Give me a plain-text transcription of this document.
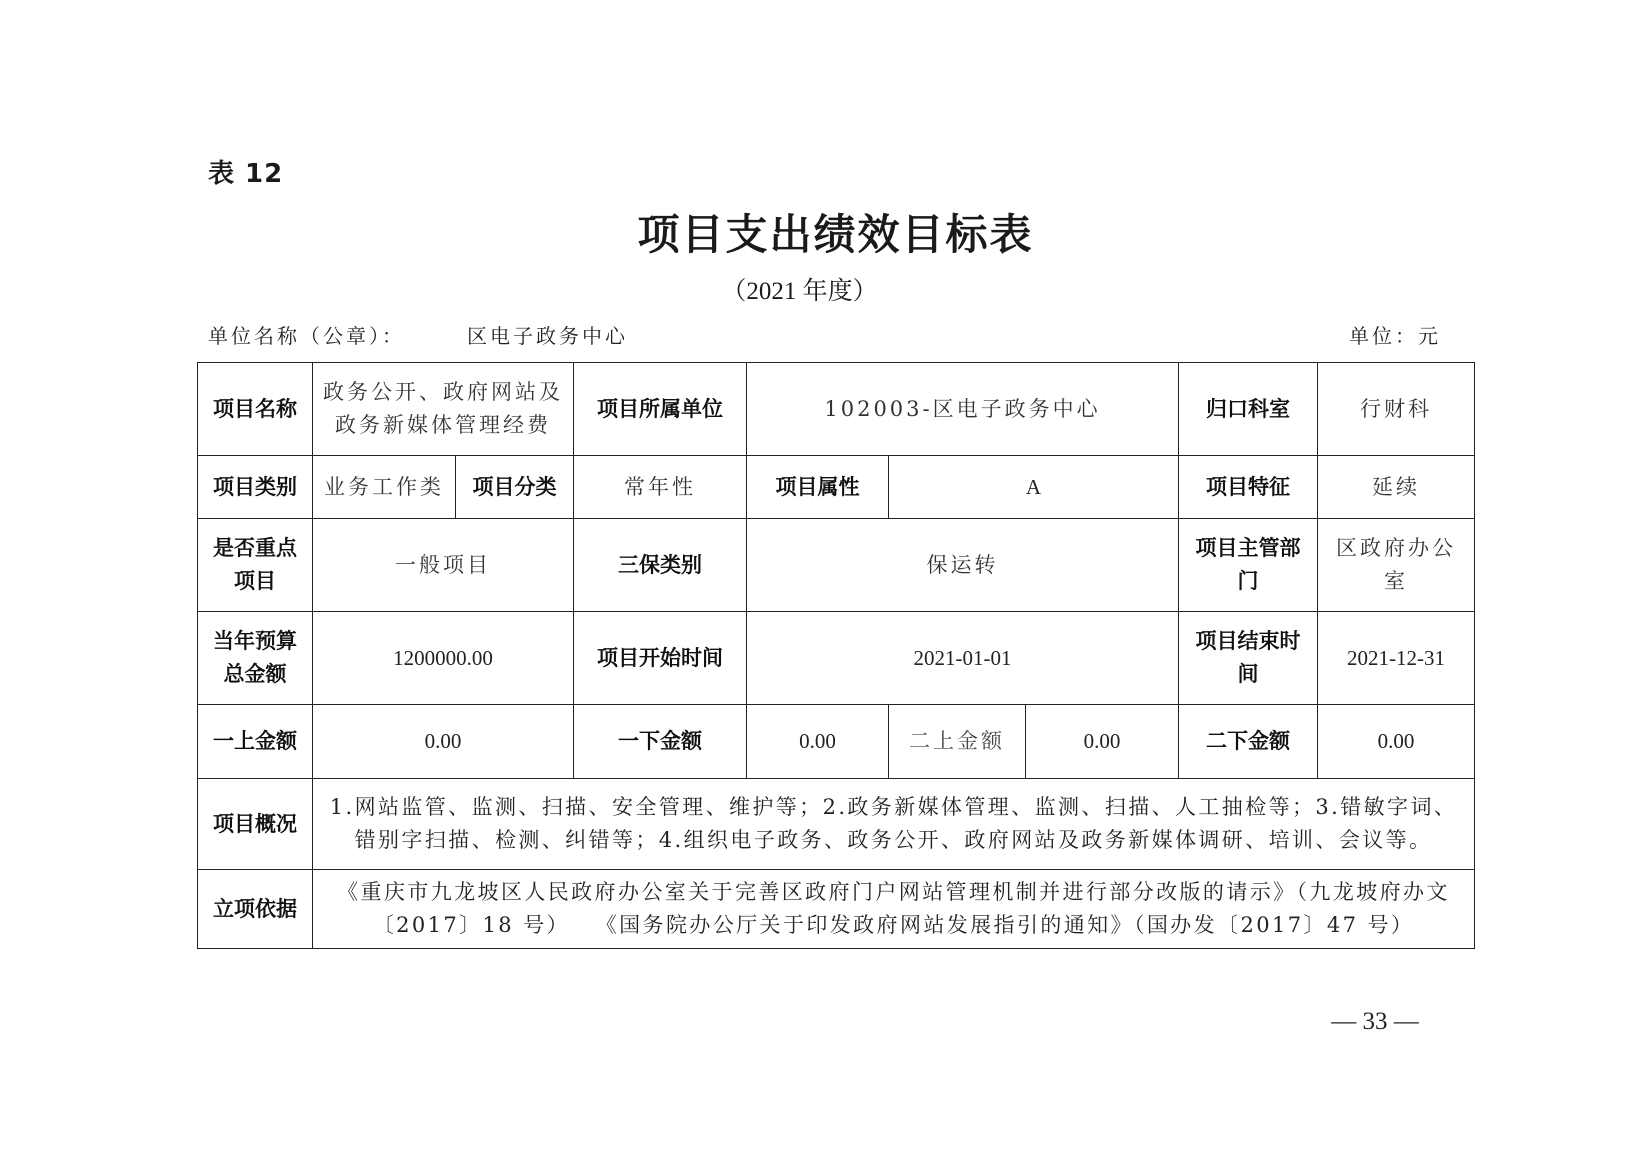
表 12
项目支出绩效目标表
（2021 年度）
单位名称（公章）：	区电子政务中心	单位：元
项目名称	政务公开、政府网站及政务新媒体管理经费		项目所属单位	102003-区电子政务中心			归口科室	行财科
项目类别	业务工作类	项目分类	常年性	项目属性	A		项目特征	延续
是否重点项目	一般项目		三保类别	保运转			项目主管部门	区政府办公室
当年预算总金额	1200000.00		项目开始时间	2021-01-01			项目结束时间	2021-12-31
一上金额	0.00		一下金额	0.00	二上金额	0.00	二下金额	0.00
项目概况	1.网站监管、监测、扫描、安全管理、维护等；2.政务新媒体管理、监测、扫描、人工抽检等；3.错敏字词、错别字扫描、检测、纠错等；4.组织电子政务、政务公开、政府网站及政务新媒体调研、培训、会议等。							
立项依据	《重庆市九龙坡区人民政府办公室关于完善区政府门户网站管理机制并进行部分改版的请示》（九龙坡府办文〔2017〕18 号）　　《国务院办公厅关于印发政府网站发展指引的通知》（国办发〔2017〕47 号）							
— 33 —
